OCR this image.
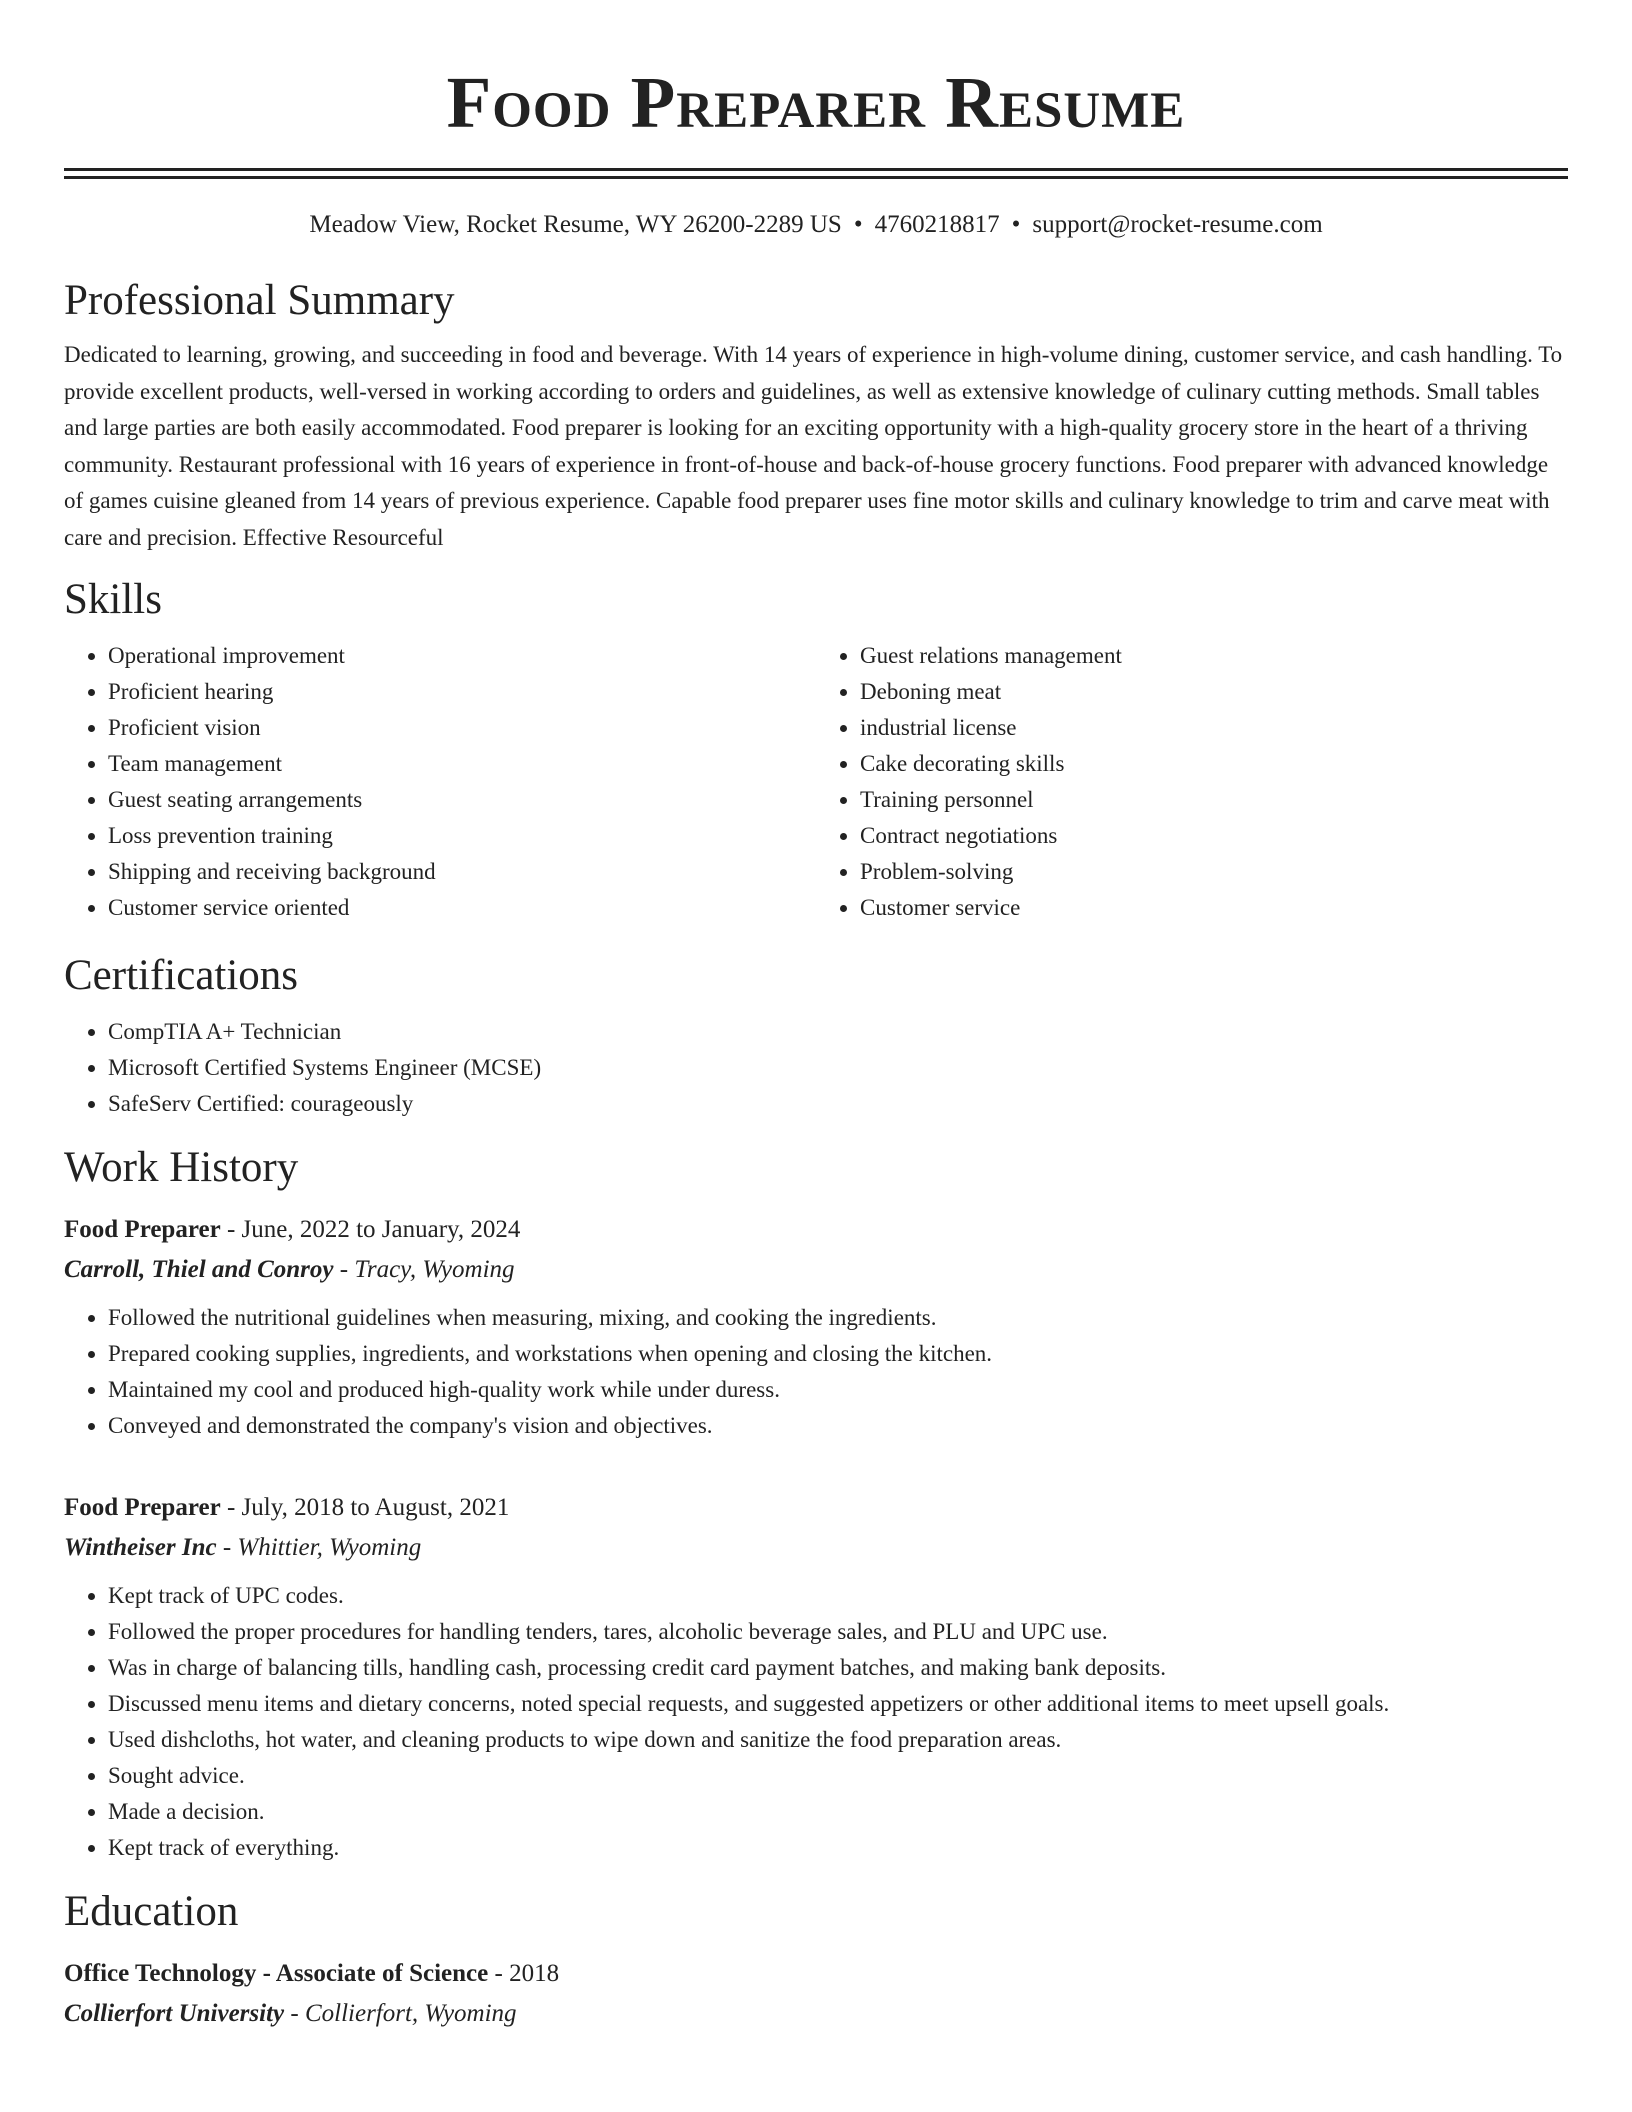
Food Preparer Resume
Meadow View, Rocket Resume, WY 26200-2289 US • 4760218817 • support@rocket-resume.com
Professional Summary

Dedicated to learning, growing, and succeeding in food and beverage. With 14 years of experience in high-volume dining, customer service, and cash handling. To provide excellent products, well-versed in working according to orders and guidelines, as well as extensive knowledge of culinary cutting methods. Small tables and large parties are both easily accommodated. Food preparer is looking for an exciting opportunity with a high-quality grocery store in the heart of a thriving community. Restaurant professional with 16 years of experience in front-of-house and back-of-house grocery functions. Food preparer with advanced knowledge of games cuisine gleaned from 14 years of previous experience. Capable food preparer uses fine motor skills and culinary knowledge to trim and carve meat with care and precision. Effective Resourceful

Skills
• Operational improvement
• Proficient hearing
• Proficient vision
• Team management
• Guest seating arrangements
• Loss prevention training
• Shipping and receiving background
• Customer service oriented
• Guest relations management
• Deboning meat
• industrial license
• Cake decorating skills
• Training personnel
• Contract negotiations
• Problem-solving
• Customer service
Certifications
• CompTIA A+ Technician
• Microsoft Certified Systems Engineer (MCSE)
• SafeServ Certified: courageously
Work History
Food Preparer - June, 2022 to January, 2024
Carroll, Thiel and Conroy - Tracy, Wyoming
• Followed the nutritional guidelines when measuring, mixing, and cooking the ingredients.
• Prepared cooking supplies, ingredients, and workstations when opening and closing the kitchen.
• Maintained my cool and produced high-quality work while under duress.
• Conveyed and demonstrated the company's vision and objectives.
Food Preparer - July, 2018 to August, 2021
Wintheiser Inc - Whittier, Wyoming
• Kept track of UPC codes.
• Followed the proper procedures for handling tenders, tares, alcoholic beverage sales, and PLU and UPC use.
• Was in charge of balancing tills, handling cash, processing credit card payment batches, and making bank deposits.
• Discussed menu items and dietary concerns, noted special requests, and suggested appetizers or other additional items to meet upsell goals.
• Used dishcloths, hot water, and cleaning products to wipe down and sanitize the food preparation areas.
• Sought advice.
• Made a decision.
• Kept track of everything.
Education
Office Technology - Associate of Science - 2018
Collierfort University - Collierfort, Wyoming
